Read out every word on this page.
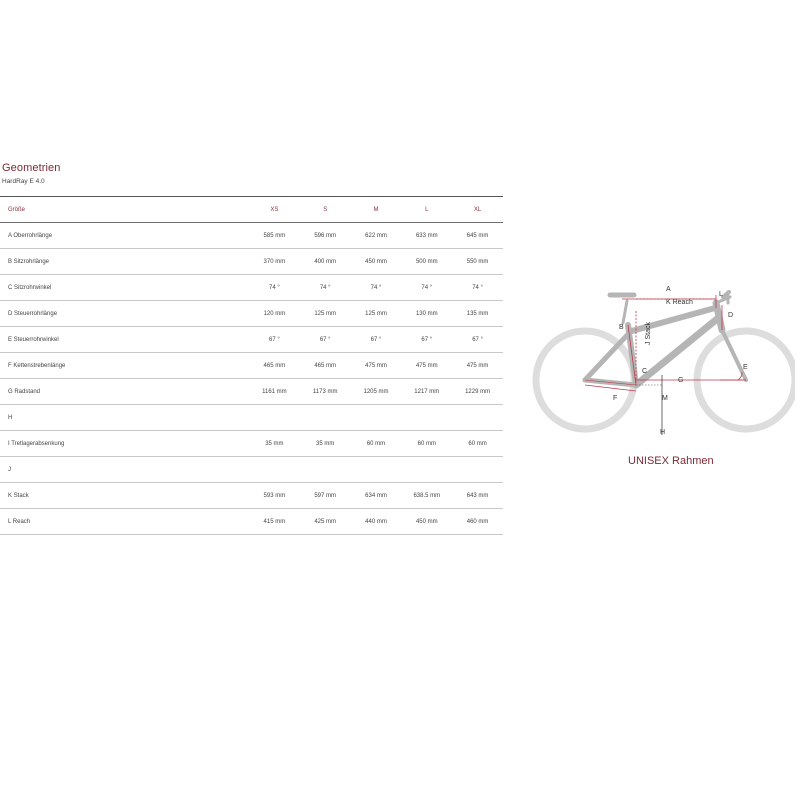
Geometrien
HardRay E 4.0
Größe	XS	S	M	L	XL
A Oberrohrlänge	585 mm	596 mm	622 mm	633 mm	645 mm
B Sitzrohrlänge	370 mm	400 mm	450 mm	500 mm	550 mm
C Sitzrohrwinkel	74 °	74 °	74 °	74 °	74 °
D Steuerrohrlänge	120 mm	125 mm	125 mm	130 mm	135 mm
E Steuerrohrwinkel	67 °	67 °	67 °	67 °	67 °
F Kettenstrebenlänge	465 mm	465 mm	475 mm	475 mm	475 mm
G Radstand	1161 mm	1173 mm	1205 mm	1217 mm	1229 mm
H					
I Tretlagerabsenkung	35 mm	35 mm	60 mm	60 mm	60 mm
J					
K Stack	593 mm	597 mm	634 mm	638.5 mm	643 mm
L Reach	415 mm	425 mm	440 mm	450 mm	460 mm
A
K Reach
L
B	J Stack
D
C
G
E
F	M
H
UNISEX Rahmen
